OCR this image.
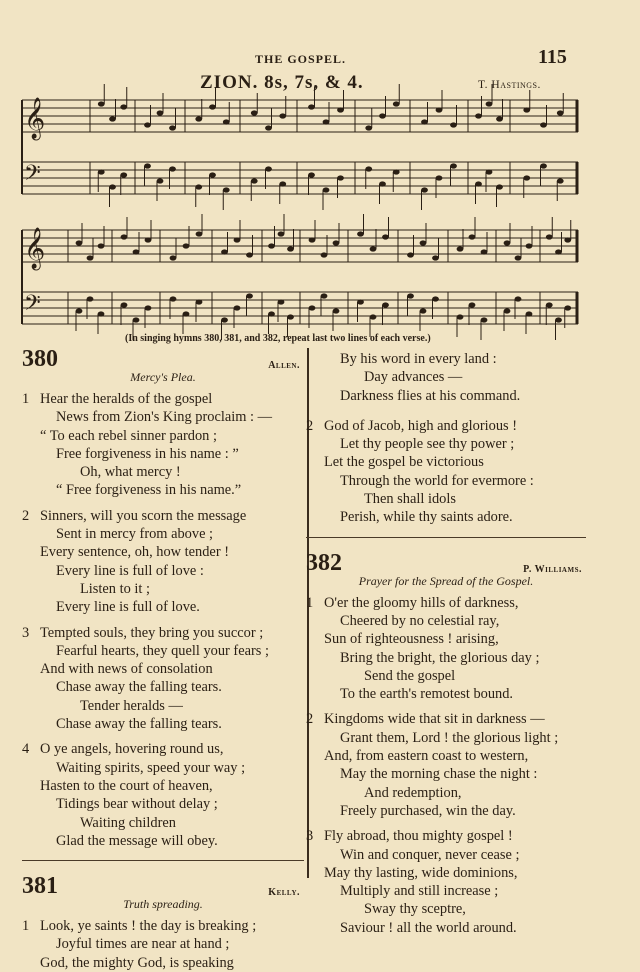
THE GOSPEL.	115
ZION. 8s, 7s, & 4.	T. Hastings.
𝄞
𝄢
𝄞
𝄢
(In singing hymns 380, 381, and 382, repeat last two lines of each verse.)
380	Allen.
Mercy's Plea.
1 Hear the heralds of the gospel
News from Zion's King proclaim : —
“ To each rebel sinner pardon ;
Free forgiveness in his name : ”
Oh, what mercy !
“ Free forgiveness in his name.”
2 Sinners, will you scorn the message
Sent in mercy from above ;
Every sentence, oh, how tender !
Every line is full of love :
Listen to it ;
Every line is full of love.
3 Tempted souls, they bring you succor ;
Fearful hearts, they quell your fears ;
And with news of consolation
Chase away the falling tears.
Tender heralds —
Chase away the falling tears.
4 O ye angels, hovering round us,
Waiting spirits, speed your way ;
Hasten to the court of heaven,
Tidings bear without delay ;
Waiting children
Glad the message will obey.
381	Kelly.
Truth spreading.
1 Look, ye saints ! the day is breaking ;
Joyful times are near at hand ;
God, the mighty God, is speaking
By his word in every land :
Day advances —
Darkness flies at his command.
2 God of Jacob, high and glorious !
Let thy people see thy power ;
Let the gospel be victorious
Through the world for evermore :
Then shall idols
Perish, while thy saints adore.
382	P. Williams.
Prayer for the Spread of the Gospel.
1 O'er the gloomy hills of darkness,
Cheered by no celestial ray,
Sun of righteousness ! arising,
Bring the bright, the glorious day ;
Send the gospel
To the earth's remotest bound.
2 Kingdoms wide that sit in darkness —
Grant them, Lord ! the glorious light ;
And, from eastern coast to western,
May the morning chase the night :
And redemption,
Freely purchased, win the day.
3 Fly abroad, thou mighty gospel !
Win and conquer, never cease ;
May thy lasting, wide dominions,
Multiply and still increase ;
Sway thy sceptre,
Saviour ! all the world around.
